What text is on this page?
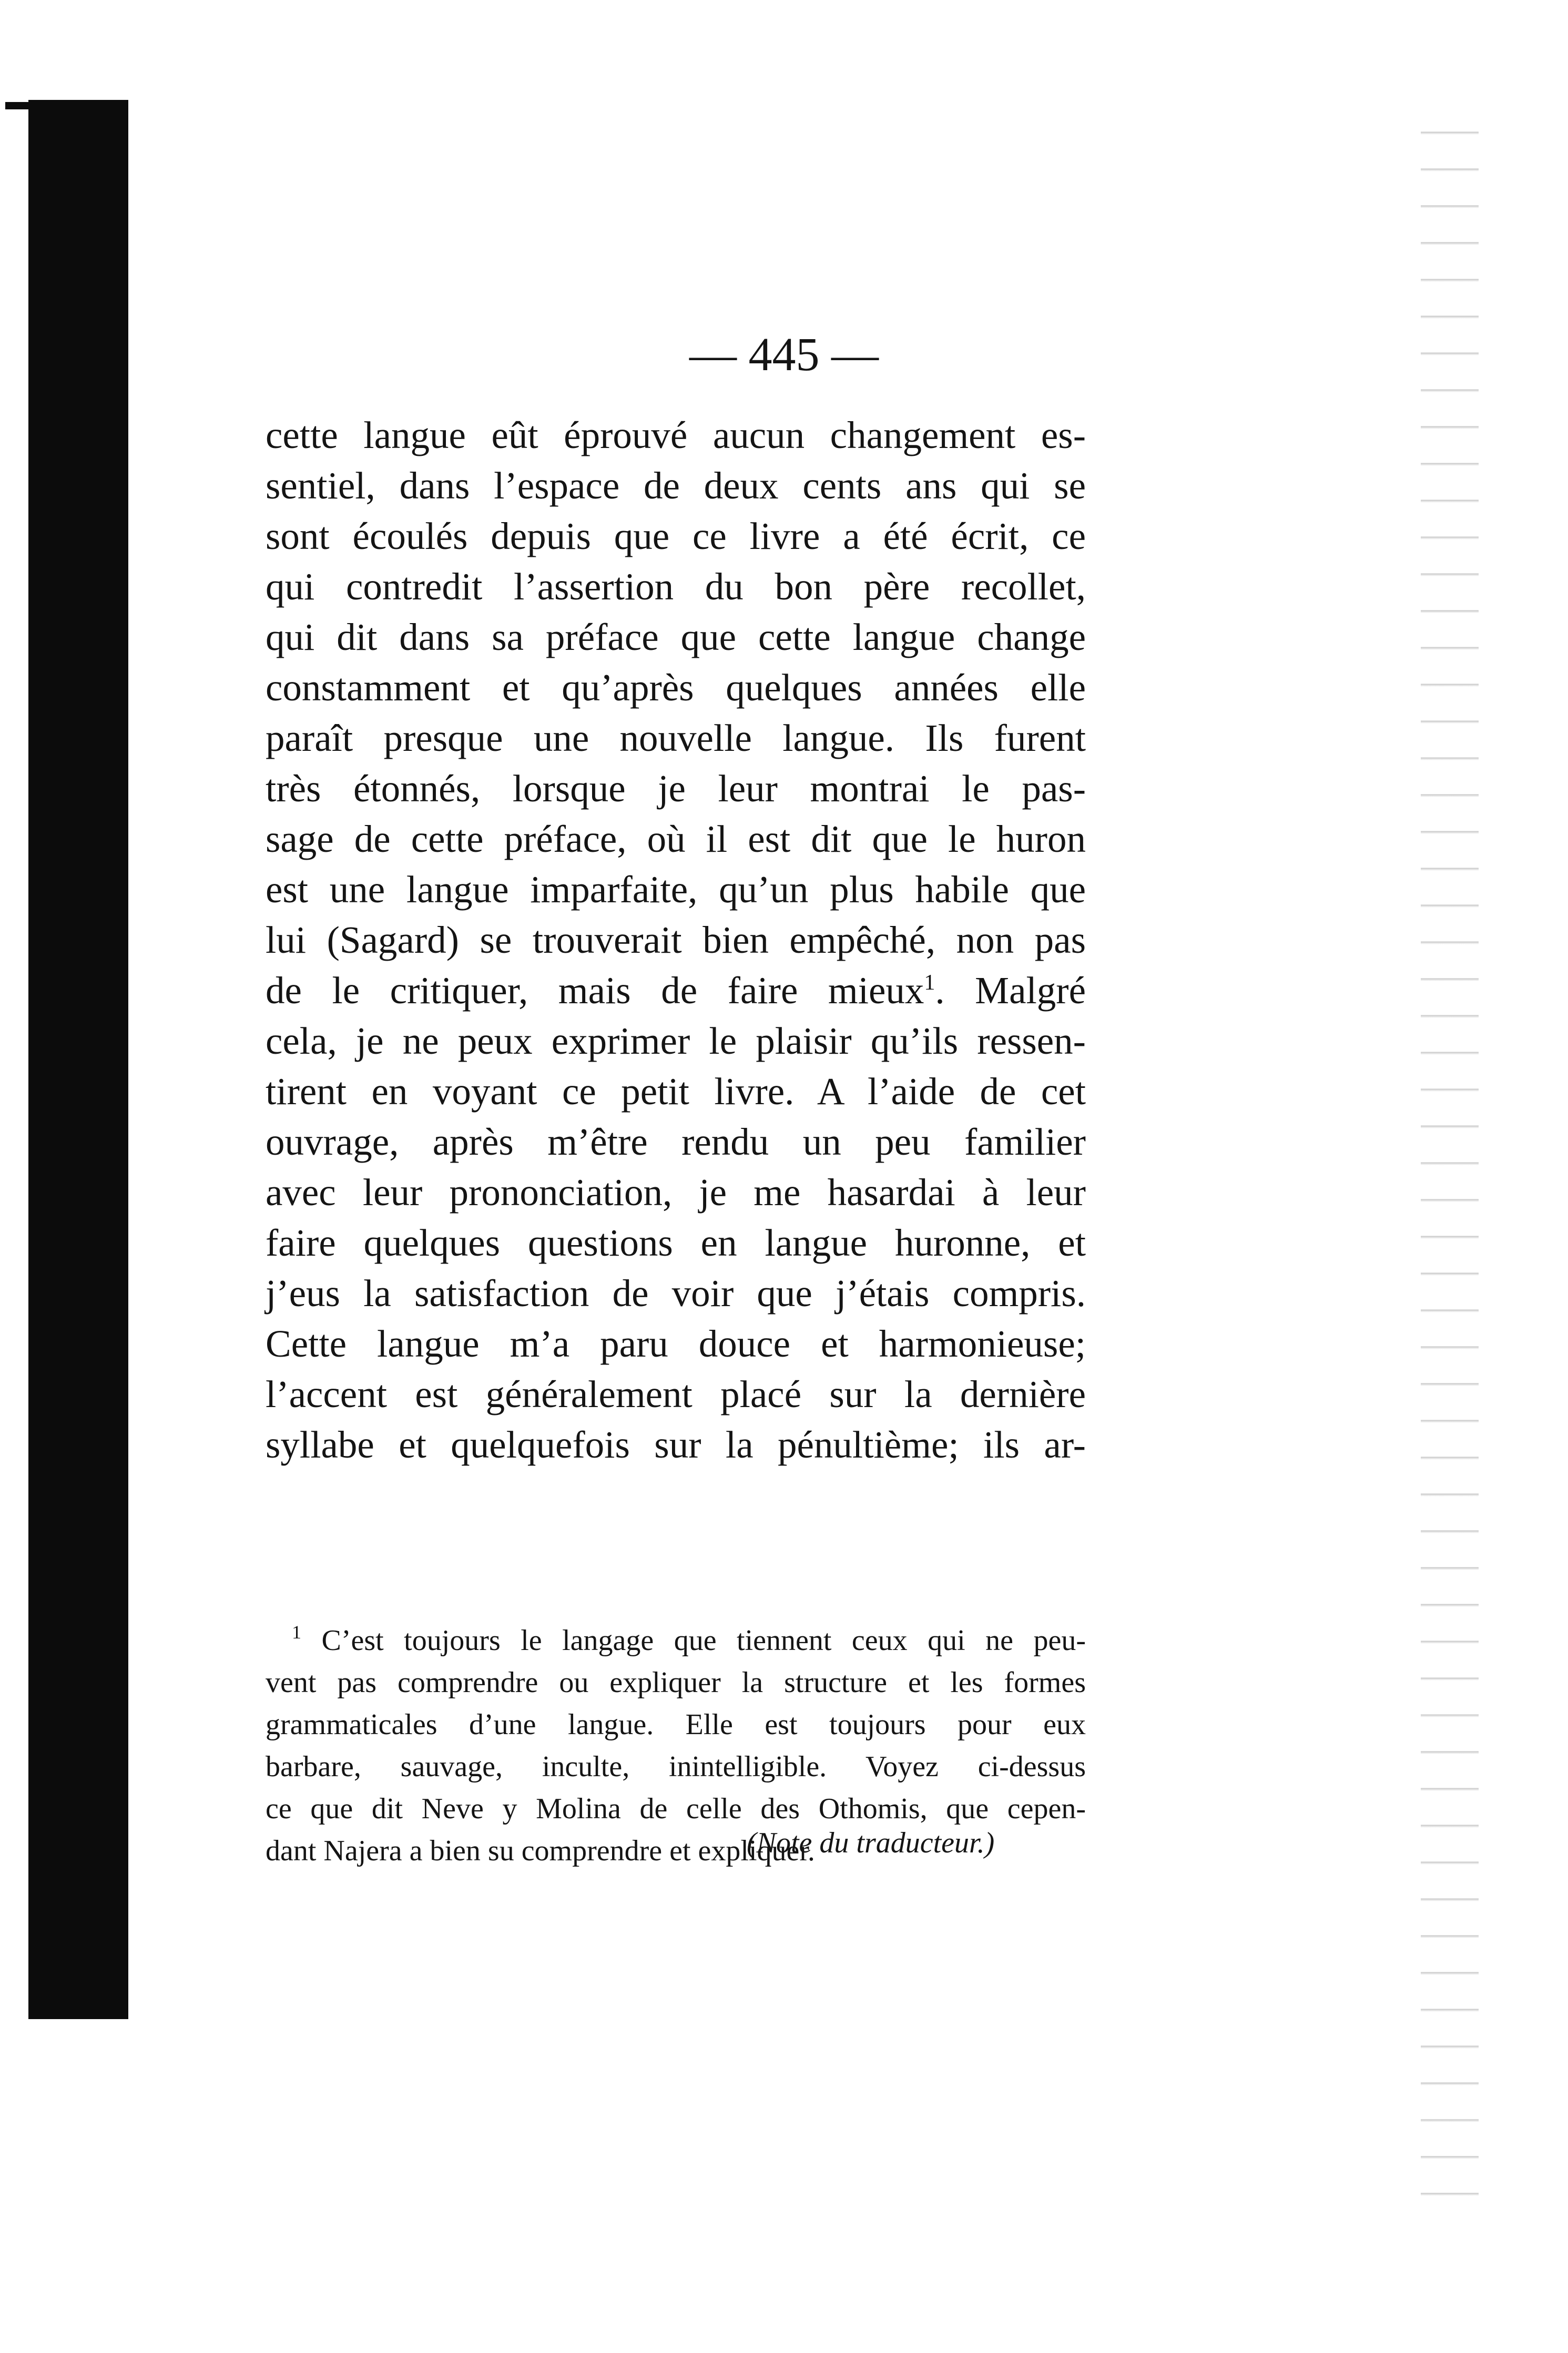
— 445 —
cette langue eût éprouvé aucun changement es-
sentiel, dans l’espace de deux cents ans qui se
sont écoulés depuis que ce livre a été écrit, ce
qui contredit l’assertion du bon père recollet,
qui dit dans sa préface que cette langue change
constamment et qu’après quelques années elle
paraît presque une nouvelle langue. Ils furent
très étonnés, lorsque je leur montrai le pas-
sage de cette préface, où il est dit que le huron
est une langue imparfaite, qu’un plus habile que
lui (Sagard) se trouverait bien empêché, non pas
de le critiquer, mais de faire mieux$^1$. Malgré
cela, je ne peux exprimer le plaisir qu’ils ressen-
tirent en voyant ce petit livre. A l’aide de cet
ouvrage, après m’être rendu un peu familier
avec leur prononciation, je me hasardai à leur
faire quelques questions en langue huronne, et
j’eus la satisfaction de voir que j’étais compris.
Cette langue m’a paru douce et harmonieuse;
l’accent est généralement placé sur la dernière
syllabe et quelquefois sur la pénultième; ils ar-
$^1$ C’est toujours le langage que tiennent ceux qui ne peu-
vent pas comprendre ou expliquer la structure et les formes
grammaticales d’une langue. Elle est toujours pour eux
barbare, sauvage, inculte, inintelligible. Voyez ci-dessus
ce que dit Neve y Molina de celle des Othomis, que cepen-
dant Najera a bien su comprendre et expliquer.
(Note du traducteur.)
